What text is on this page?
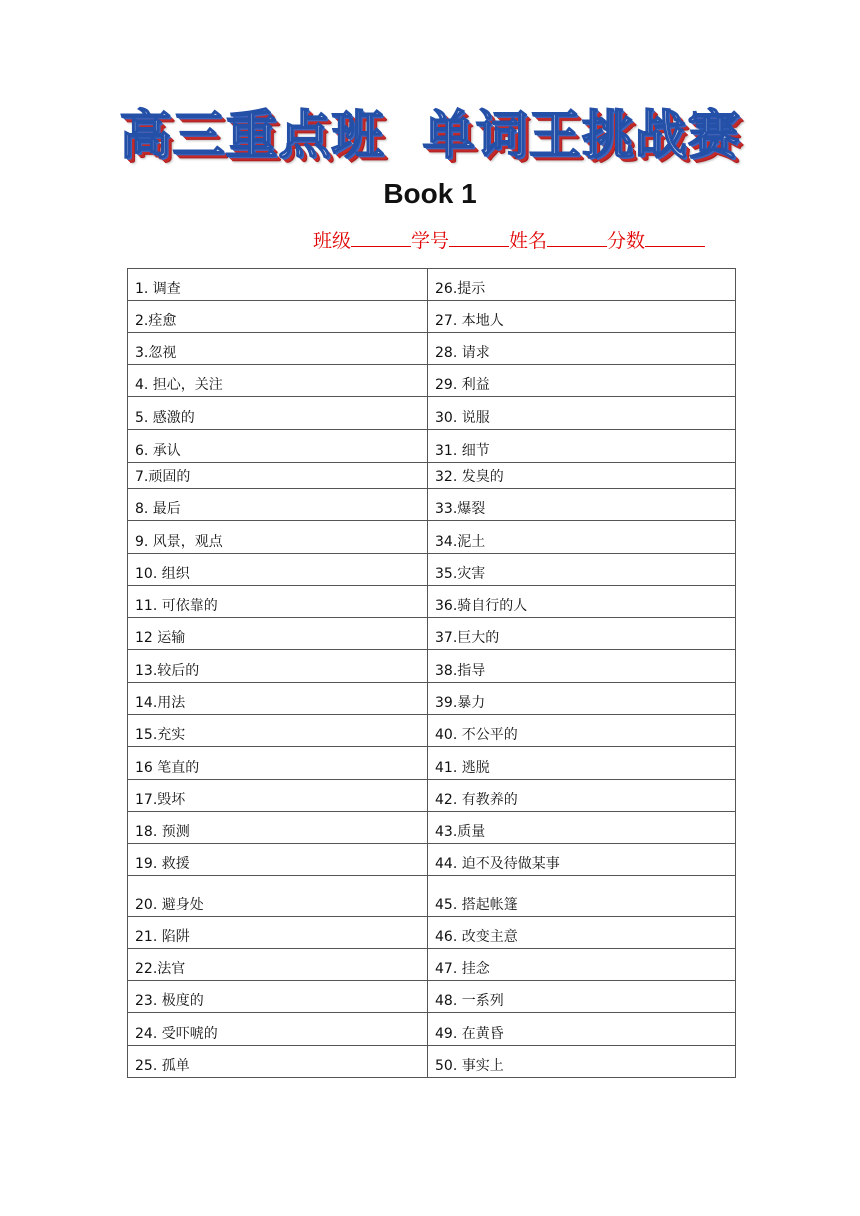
高三重点班  单词王挑战赛
Book 1
班级	学号	姓名	分数
1. 调查	26.提示
2.痊愈	27. 本地人
3.忽视	28. 请求
4. 担心，关注	29. 利益
5. 感激的	30. 说服
6. 承认	31. 细节
7.顽固的	32. 发臭的
8. 最后	33.爆裂
9. 风景，观点	34.泥土
10. 组织	35.灾害
11. 可依靠的	36.骑自行的人
12 运输	37.巨大的
13.较后的	38.指导
14.用法	39.暴力
15.充实	40. 不公平的
16 笔直的	41. 逃脱
17.毁坏	42. 有教养的
18. 预测	43.质量
19. 救援	44. 迫不及待做某事
20. 避身处	45. 搭起帐篷
21. 陷阱	46. 改变主意
22.法官	47. 挂念
23. 极度的	48. 一系列
24. 受吓唬的	49. 在黄昏
25. 孤单	50. 事实上
